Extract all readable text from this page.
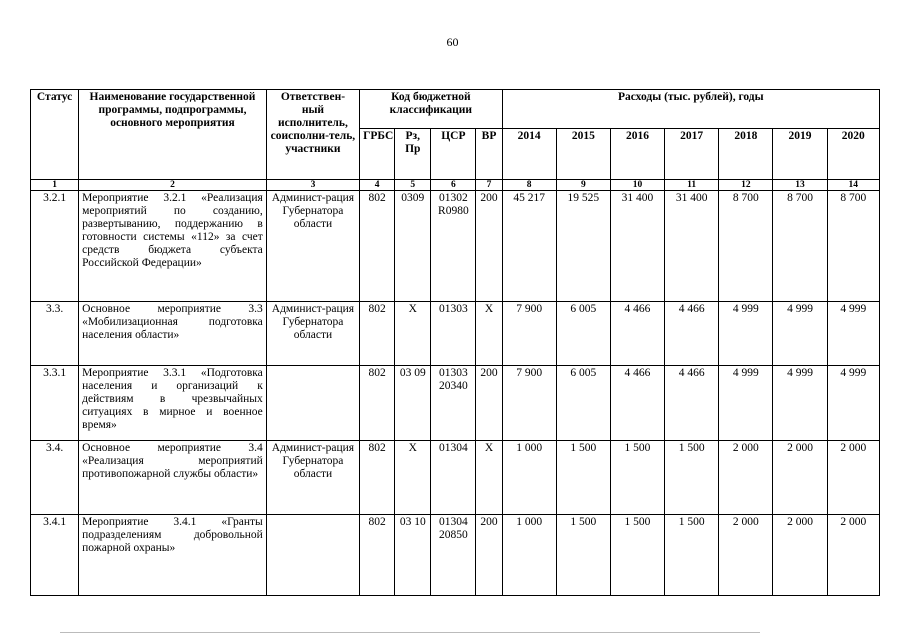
60
Статус	Наименование государственной программы, подпрограммы, основного мероприятия	Ответствен-ный исполнитель, соисполни-тель, участники	Код бюджетной классификации				Расходы (тыс. рублей), годы						
			ГРБС	Рз, Пр	ЦСР	ВР	2014	2015	2016	2017	2018	2019	2020
1	2	3	4	5	6	7	8	9	10	11	12	13	14
3.2.1	Мероприятие 3.2.1 «Реализация мероприятий по созданию, развертыванию, поддержанию в готовности системы «112» за счет средств бюджета субъекта Российской Федерации»	Админист-рация Губернатора области	802	0309	01302 R0980	200	45 217	19 525	31 400	31 400	8 700	8 700	8 700
3.3.	Основное мероприятие 3.3 «Мобилизационная подготовка населения области»	Админист-рация Губернатора области	802	X	01303	X	7 900	6 005	4 466	4 466	4 999	4 999	4 999
3.3.1	Мероприятие 3.3.1 «Подготовка населения и организаций к действиям в чрезвычайных ситуациях в мирное и военное время»		802	03 09	01303 20340	200	7 900	6 005	4 466	4 466	4 999	4 999	4 999
3.4.	Основное мероприятие 3.4 «Реализация мероприятий противопожарной службы области»	Админист-рация Губернатора области	802	X	01304	X	1 000	1 500	1 500	1 500	2 000	2 000	2 000
3.4.1	Мероприятие 3.4.1 «Гранты подразделениям добровольной пожарной охраны»		802	03 10	01304 20850	200	1 000	1 500	1 500	1 500	2 000	2 000	2 000
